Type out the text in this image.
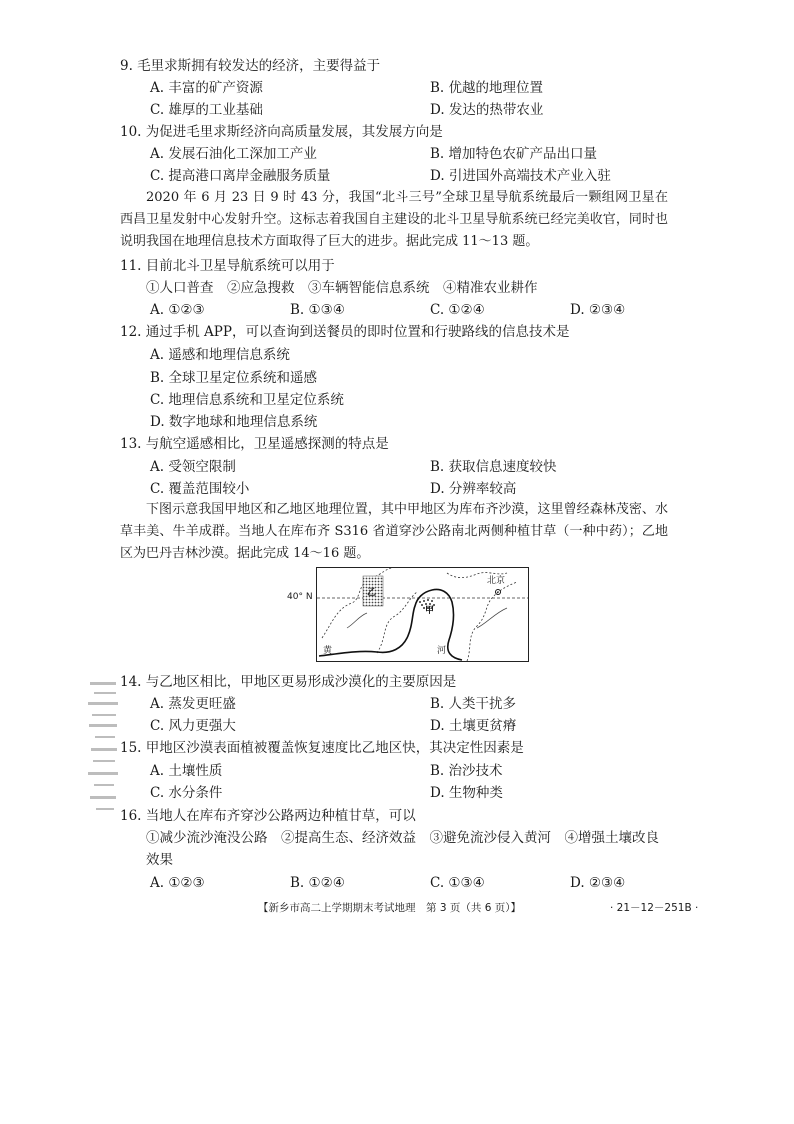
9. 毛里求斯拥有较发达的经济，主要得益于
A. 丰富的矿产资源	B. 优越的地理位置
C. 雄厚的工业基础	D. 发达的热带农业
10. 为促进毛里求斯经济向高质量发展，其发展方向是
A. 发展石油化工深加工产业	B. 增加特色农矿产品出口量
C. 提高港口离岸金融服务质量	D. 引进国外高端技术产业入驻
2020 年 6 月 23 日 9 时 43 分，我国“北斗三号”全球卫星导航系统最后一颗组网卫星在西昌卫星发射中心发射升空。这标志着我国自主建设的北斗卫星导航系统已经完美收官，同时也说明我国在地理信息技术方面取得了巨大的进步。据此完成 11～13 题。
11. 目前北斗卫星导航系统可以用于
①人口普查　②应急搜救　③车辆智能信息系统　④精准农业耕作
A. ①②③	B. ①③④	C. ①②④	D. ②③④
12. 通过手机 APP，可以查询到送餐员的即时位置和行驶路线的信息技术是
A. 遥感和地理信息系统
B. 全球卫星定位系统和遥感
C. 地理信息系统和卫星定位系统
D. 数字地球和地理信息系统
13. 与航空遥感相比，卫星遥感探测的特点是
A. 受领空限制	B. 获取信息速度较快
C. 覆盖范围较小	D. 分辨率较高
下图示意我国甲地区和乙地区地理位置，其中甲地区为库布齐沙漠，这里曾经森林茂密、水草丰美、牛羊成群。当地人在库布齐 S316 省道穿沙公路南北两侧种植甘草（一种中药）；乙地区为巴丹吉林沙漠。据此完成 14～16 题。
40° N
北京
乙
甲
黄	河
14. 与乙地区相比，甲地区更易形成沙漠化的主要原因是
A. 蒸发更旺盛	B. 人类干扰多
C. 风力更强大	D. 土壤更贫瘠
15. 甲地区沙漠表面植被覆盖恢复速度比乙地区快，其决定性因素是
A. 土壤性质	B. 治沙技术
C. 水分条件	D. 生物种类
16. 当地人在库布齐穿沙公路两边种植甘草，可以
①减少流沙淹没公路　②提高生态、经济效益　③避免流沙侵入黄河　④增强土壤改良
效果
A. ①②③	B. ①②④	C. ①③④	D. ②③④
【新乡市高二上学期期末考试地理　第 3 页（共 6 页）】	· 21－12－251B ·
